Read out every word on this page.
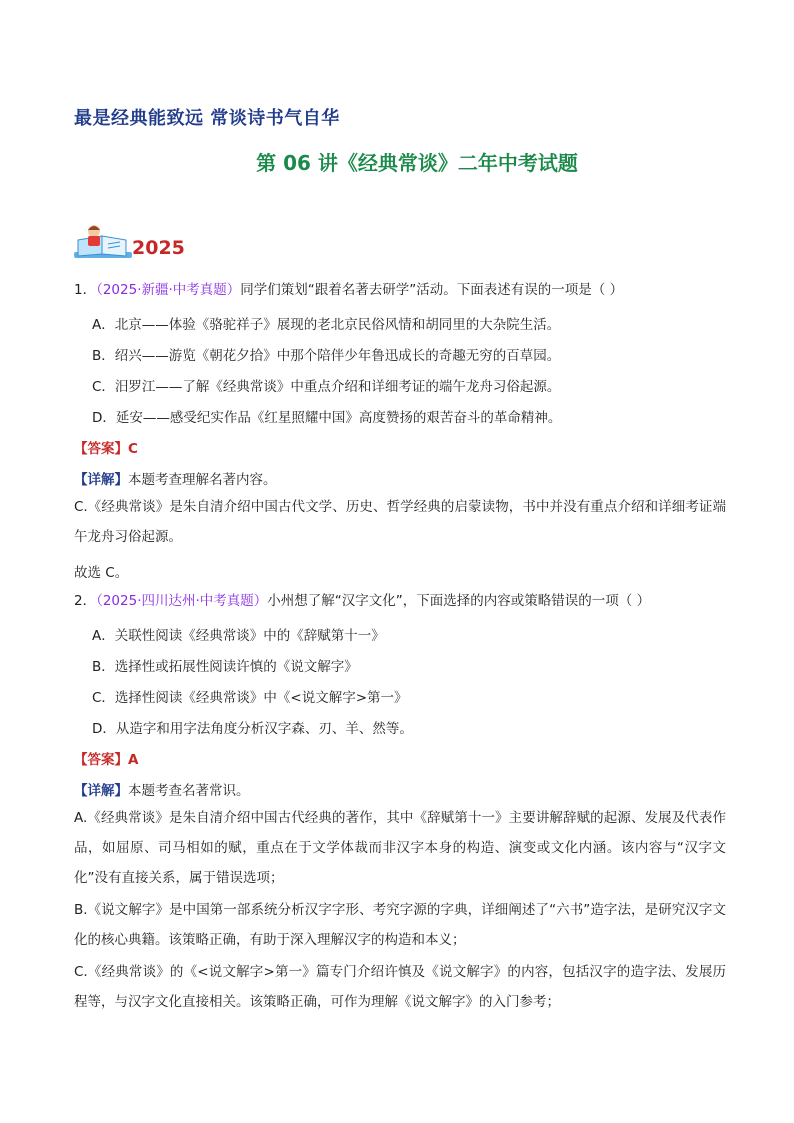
最是经典能致远 常谈诗书气自华
第 06 讲《经典常谈》二年中考试题
2025
1．（2025·新疆·中考真题）同学们策划“跟着名著去研学”活动。下面表述有误的一项是（ ）
A．北京——体验《骆驼祥子》展现的老北京民俗风情和胡同里的大杂院生活。
B．绍兴——游览《朝花夕拾》中那个陪伴少年鲁迅成长的奇趣无穷的百草园。
C．汨罗江——了解《经典常谈》中重点介绍和详细考证的端午龙舟习俗起源。
D．延安——感受纪实作品《红星照耀中国》高度赞扬的艰苦奋斗的革命精神。
【答案】C
【详解】本题考查理解名著内容。
C.《经典常谈》是朱自清介绍中国古代文学、历史、哲学经典的启蒙读物，书中并没有重点介绍和详细考证端午龙舟习俗起源。
故选 C。
2．（2025·四川达州·中考真题）小州想了解“汉字文化”，下面选择的内容或策略错误的一项（ ）
A．关联性阅读《经典常谈》中的《辞赋第十一》
B．选择性或拓展性阅读许慎的《说文解字》
C．选择性阅读《经典常谈》中《<说文解字>第一》
D．从造字和用字法角度分析汉字森、刃、羊、然等。
【答案】A
【详解】本题考查名著常识。
A.《经典常谈》是朱自清介绍中国古代经典的著作，其中《辞赋第十一》主要讲解辞赋的起源、发展及代表作品，如屈原、司马相如的赋，重点在于文学体裁而非汉字本身的构造、演变或文化内涵。该内容与“汉字文化”没有直接关系，属于错误选项；
B.《说文解字》是中国第一部系统分析汉字字形、考究字源的字典，详细阐述了“六书”造字法，是研究汉字文化的核心典籍。该策略正确，有助于深入理解汉字的构造和本义；
C.《经典常谈》的《<说文解字>第一》篇专门介绍许慎及《说文解字》的内容，包括汉字的造字法、发展历程等，与汉字文化直接相关。该策略正确，可作为理解《说文解字》的入门参考；
